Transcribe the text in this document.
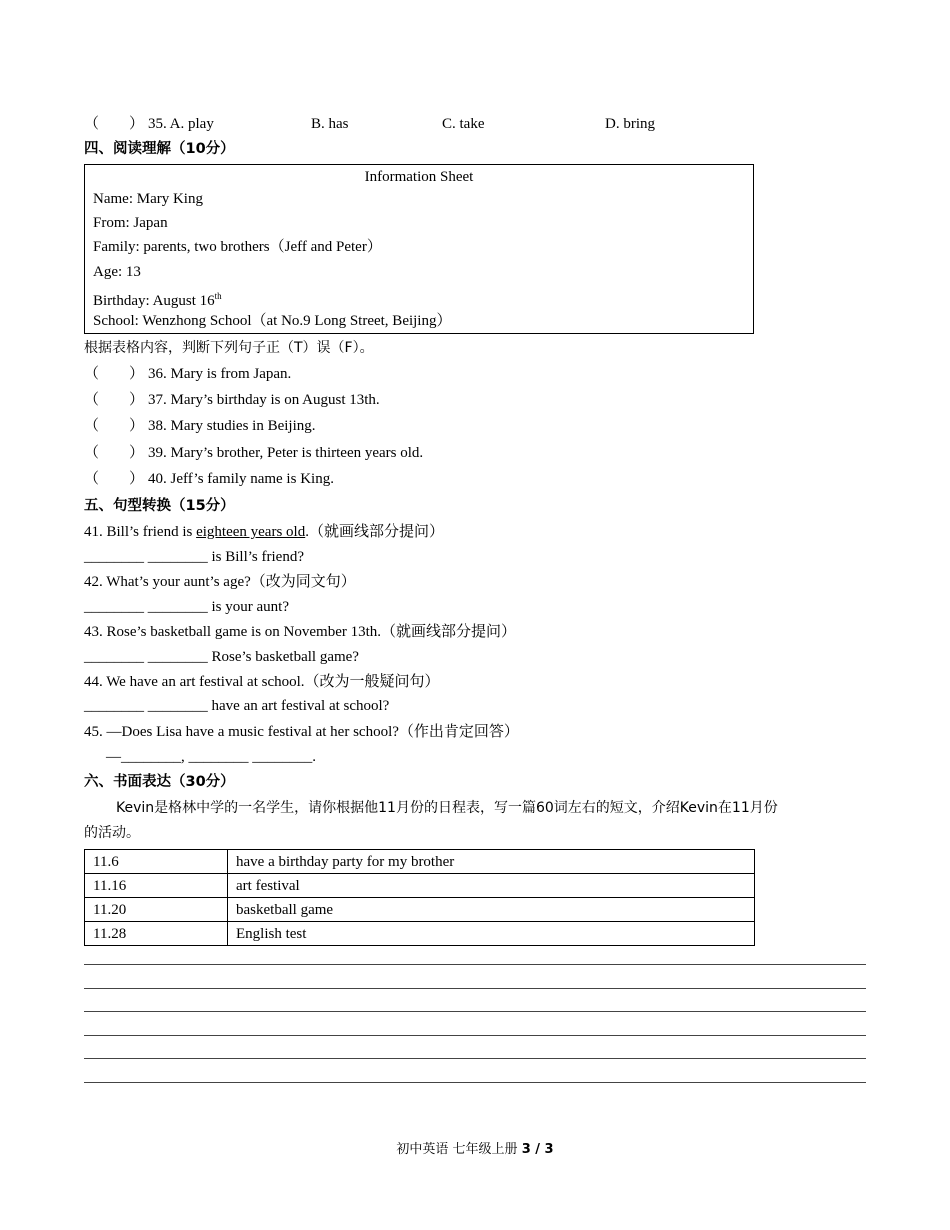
（　　） 35. A. play	B. has	C. take	D. bring
四、阅读理解（10分）
Information Sheet
Name: Mary King
From: Japan
Family: parents, two brothers（Jeff and Peter）
Age: 13
Birthday: August 16th
School: Wenzhong School（at No.9 Long Street, Beijing）
根据表格内容，判断下列句子正（T）误（F）。
（　　） 36. Mary is from Japan.
（　　） 37. Mary’s birthday is on August 13th.
（　　） 38. Mary studies in Beijing.
（　　） 39. Mary’s brother, Peter is thirteen years old.
（　　） 40. Jeff’s family name is King.
五、句型转换（15分）
41. Bill’s friend is eighteen years old.（就画线部分提问）
________ ________ is Bill’s friend?
42. What’s your aunt’s age?（改为同文句）
________ ________ is your aunt?
43. Rose’s basketball game is on November 13th.（就画线部分提问）
________ ________ Rose’s basketball game?
44. We have an art festival at school.（改为一般疑问句）
________ ________ have an art festival at school?
45. —Does Lisa have a music festival at her school?（作出肯定回答）
—________, ________ ________.
六、书面表达（30分）
Kevin是格林中学的一名学生，请你根据他11月份的日程表，写一篇60词左右的短文，介绍Kevin在11月份
的活动。
11.6	have a birthday party for my brother
11.16	art festival
11.20	basketball game
11.28	English test
初中英语 七年级上册 3 / 3
